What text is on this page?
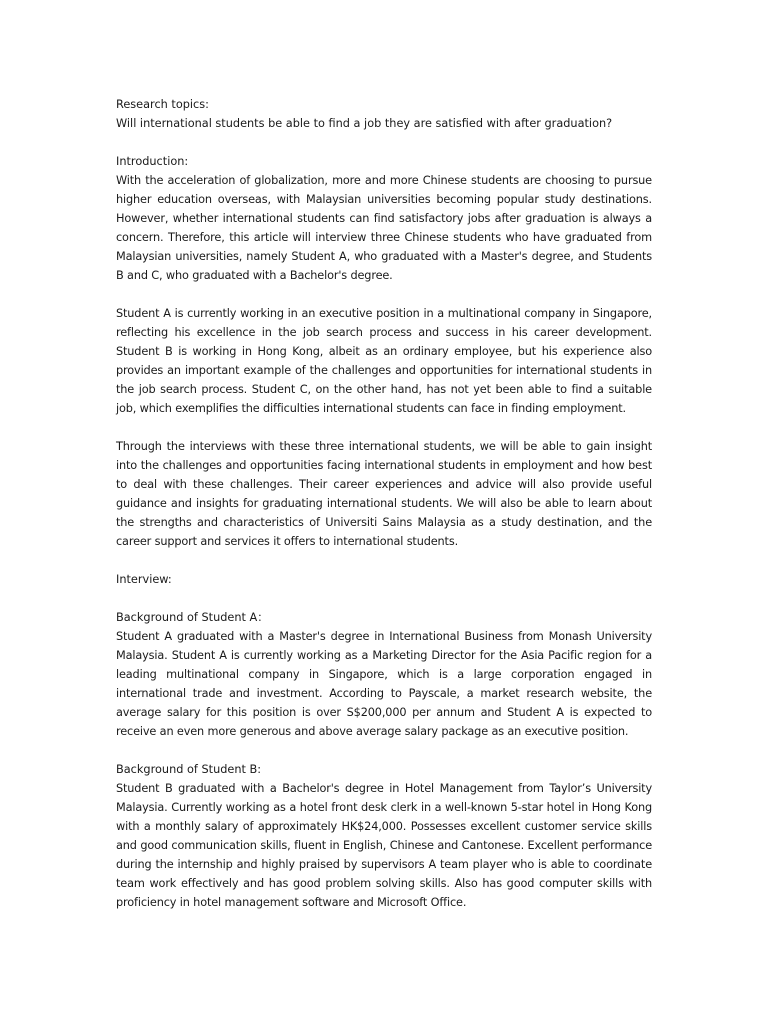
Research topics:
Will international students be able to find a job they are satisfied with after graduation?
Introduction:

With the acceleration of globalization, more and more Chinese students are choosing to pursue higher education overseas, with Malaysian universities becoming popular study destinations. However, whether international students can find satisfactory jobs after graduation is always a concern. Therefore, this article will interview three Chinese students who have graduated from Malaysian universities, namely Student A, who graduated with a Master's degree, and Students B and C, who graduated with a Bachelor's degree.

Student A is currently working in an executive position in a multinational company in Singapore, reflecting his excellence in the job search process and success in his career development. Student B is working in Hong Kong, albeit as an ordinary employee, but his experience also provides an important example of the challenges and opportunities for international students in the job search process. Student C, on the other hand, has not yet been able to find a suitable job, which exemplifies the difficulties international students can face in finding employment.

Through the interviews with these three international students, we will be able to gain insight into the challenges and opportunities facing international students in employment and how best to deal with these challenges. Their career experiences and advice will also provide useful guidance and insights for graduating international students. We will also be able to learn about the strengths and characteristics of Universiti Sains Malaysia as a study destination, and the career support and services it offers to international students.

Interview:
Background of Student A：

Student A graduated with a Master's degree in International Business from Monash University Malaysia. Student A is currently working as a Marketing Director for the Asia Pacific region for a leading multinational company in Singapore, which is a large corporation engaged in international trade and investment. According to Payscale, a market research website, the average salary for this position is over S$200,000 per annum and Student A is expected to receive an even more generous and above average salary package as an executive position.

Background of Student B:

Student B graduated with a Bachelor's degree in Hotel Management from Taylor’s University Malaysia. Currently working as a hotel front desk clerk in a well-known 5-star hotel in Hong Kong with a monthly salary of approximately HK$24,000. Possesses excellent customer service skills and good communication skills, fluent in English, Chinese and Cantonese. Excellent performance during the internship and highly praised by supervisors A team player who is able to coordinate team work effectively and has good problem solving skills. Also has good computer skills with proficiency in hotel management software and Microsoft Office.
